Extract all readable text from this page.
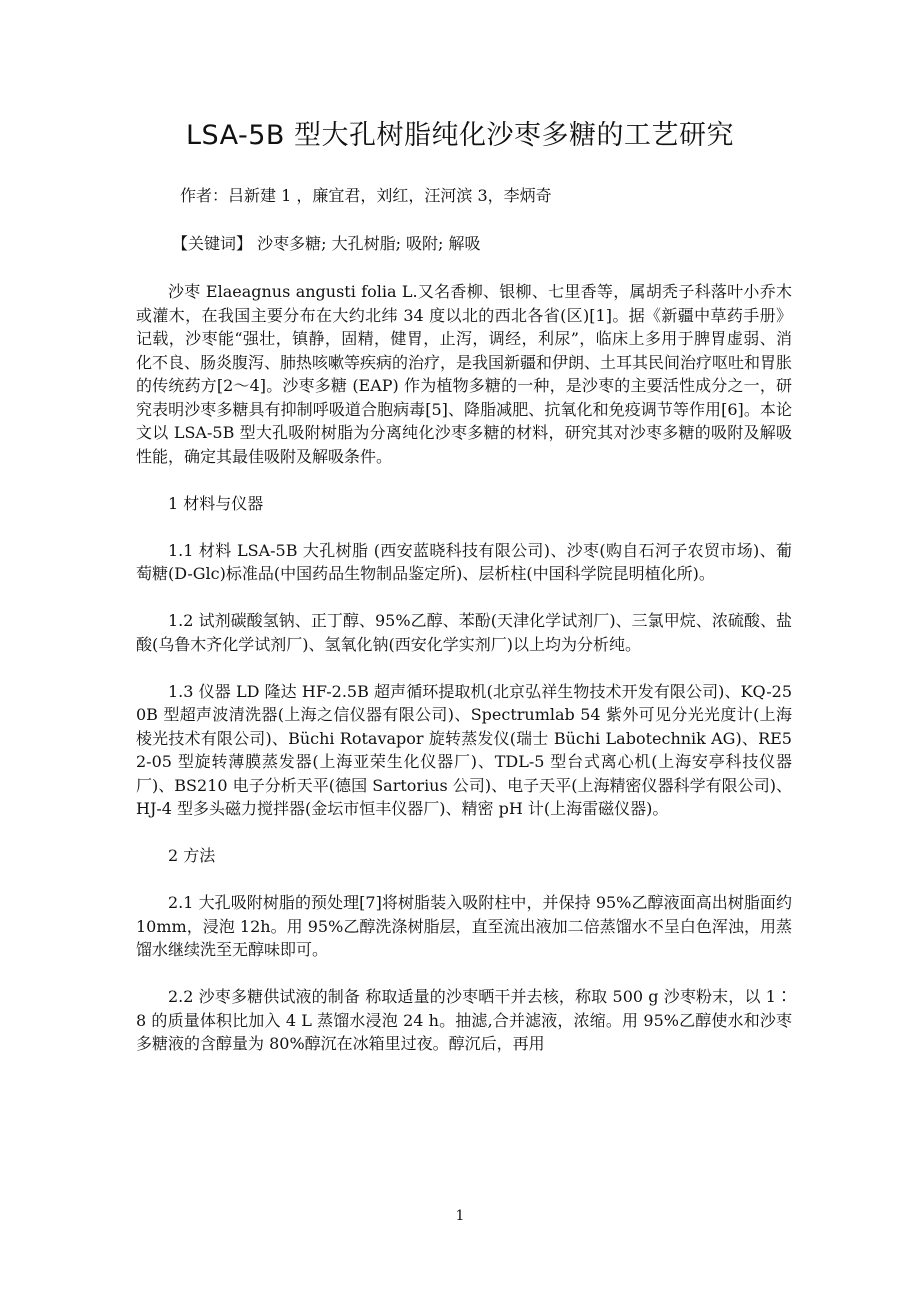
LSA-5B 型大孔树脂纯化沙枣多糖的工艺研究
作者：吕新建 1 ，廉宜君，刘红，汪河滨 3，李炳奇
【关键词】 沙枣多糖; 大孔树脂; 吸附; 解吸

沙枣 Elaeagnus angusti folia L.又名香柳、银柳、七里香等，属胡秃子科落叶小乔木或灌木，在我国主要分布在大约北纬 34 度以北的西北各省(区)[1]。据《新疆中草药手册》记载，沙枣能“强壮，镇静，固精，健胃，止泻，调经，利尿”，临床上多用于脾胃虚弱、消化不良、肠炎腹泻、肺热咳嗽等疾病的治疗，是我国新疆和伊朗、土耳其民间治疗呕吐和胃胀的传统药方[2～4]。沙枣多糖 (EAP) 作为植物多糖的一种，是沙枣的主要活性成分之一，研究表明沙枣多糖具有抑制呼吸道合胞病毒[5]、降脂减肥、抗氧化和免疫调节等作用[6]。本论文以 LSA-5B 型大孔吸附树脂为分离纯化沙枣多糖的材料，研究其对沙枣多糖的吸附及解吸性能，确定其最佳吸附及解吸条件。

1 材料与仪器

1.1 材料 LSA-5B 大孔树脂 (西安蓝晓科技有限公司)、沙枣(购自石河子农贸市场)、葡萄糖(D-Glc)标准品(中国药品生物制品鉴定所)、层析柱(中国科学院昆明植化所)。

1.2 试剂碳酸氢钠、正丁醇、95%乙醇、苯酚(天津化学试剂厂)、三氯甲烷、浓硫酸、盐酸(乌鲁木齐化学试剂厂)、氢氧化钠(西安化学实剂厂)以上均为分析纯。

1.3 仪器 LD 隆达 HF-2.5B 超声循环提取机(北京弘祥生物技术开发有限公司)、KQ-250B 型超声波清洗器(上海之信仪器有限公司)、Spectrumlab 54 紫外可见分光光度计(上海棱光技术有限公司)、Büchi Rotavapor 旋转蒸发仪(瑞士 Büchi Labotechnik AG)、RE52-05 型旋转薄膜蒸发器(上海亚荣生化仪器厂)、TDL-5 型台式离心机(上海安亭科技仪器厂)、BS210 电子分析天平(德国 Sartorius 公司)、电子天平(上海精密仪器科学有限公司)、HJ-4 型多头磁力搅拌器(金坛市恒丰仪器厂)、精密 pH 计(上海雷磁仪器)。

2 方法

2.1 大孔吸附树脂的预处理[7]将树脂装入吸附柱中，并保持 95%乙醇液面高出树脂面约 10mm，浸泡 12h。用 95%乙醇洗涤树脂层，直至流出液加二倍蒸馏水不呈白色浑浊，用蒸馏水继续洗至无醇味即可。

2.2 沙枣多糖供试液的制备 称取适量的沙枣晒干并去核，称取 500 g 沙枣粉末，以 1∶8 的质量体积比加入 4 L 蒸馏水浸泡 24 h。抽滤,合并滤液，浓缩。用 95%乙醇使水和沙枣多糖液的含醇量为 80%醇沉在冰箱里过夜。醇沉后，再用

1
